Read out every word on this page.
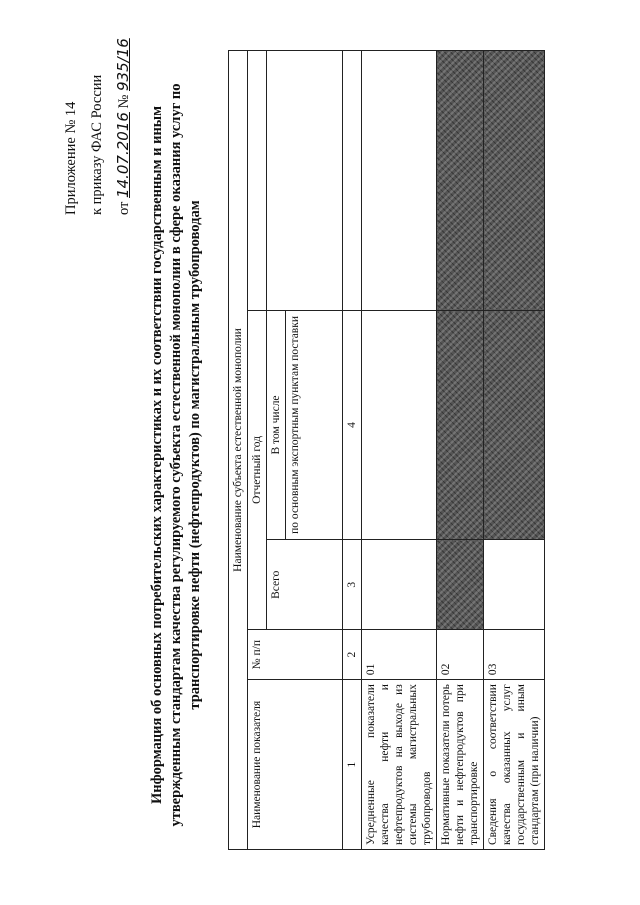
Приложение № 14 к приказу ФАС России от 14.07.2016 № 935/16
Информация об основных потребительских характеристиках и их соответствии государственным и иным утвержденным стандартам качества регулируемого субъекта естественной монополии в сфере оказания услуг по транспортировке нефти (нефтепродуктов) по магистральным трубопроводам	Наименование субъекта естественной монополии				
Наименование показателя	№ п/п	Отчетный год		
		Всего	В том числе	
			по основным экспортным пунктам поставки	
1	2	3	4	
Усредненные показатели качества нефти и нефтепродуктов на выходе из системы магистральных трубопроводов	01			
Нормативные показатели потерь нефти и нефтепродуктов при транспортировке	02			
Сведения о соответствии качества оказанных услуг государственным и иным стандартам (при наличии)	03			
